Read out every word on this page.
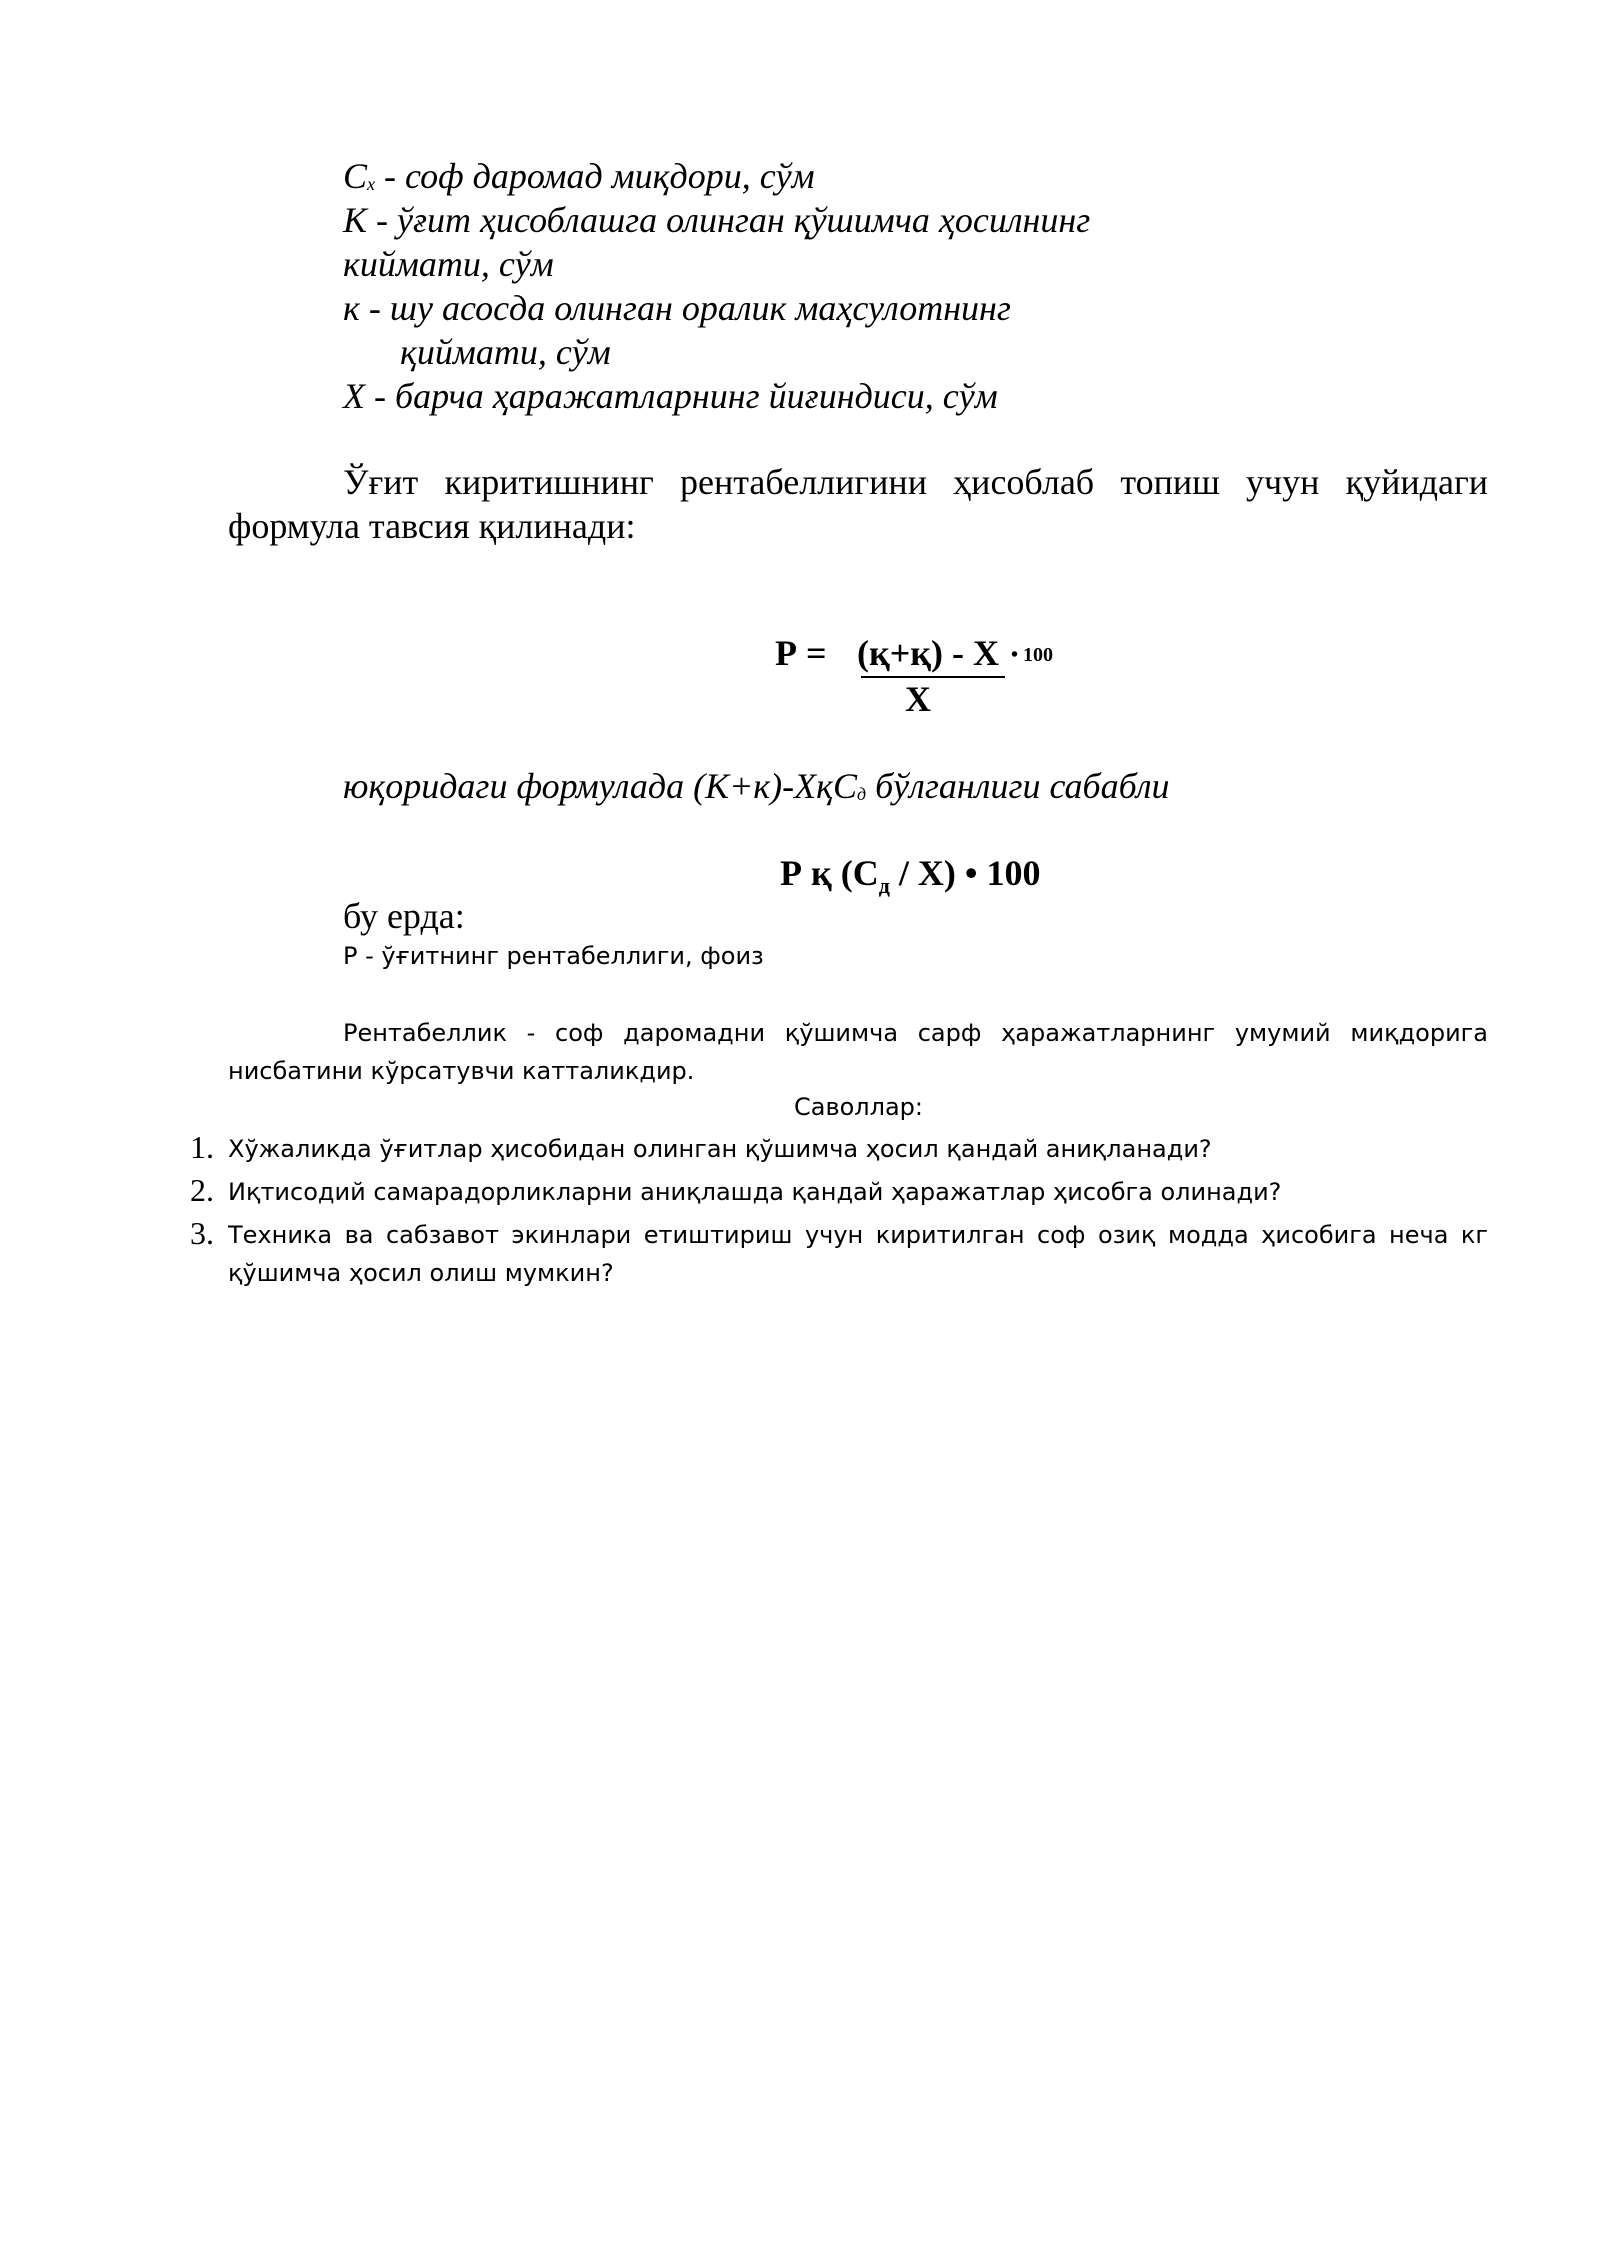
$C_x$ - соф даромад миқдори, сўм
K - ўғит ҳисоблашга олинган қўшимча ҳосилнинг
киймати, сўм
к - шу асосда олинган оралик маҳсулотнинг
қиймати, сўм
X - барча ҳаражатларнинг йиғиндиси, сўм
Ўғит киритишнинг рентабеллигини ҳисоблаб топиш учун қуйидаги формула тавсия қилинади:
Р = (қ+қ) - Х • 100
Х
юқоридаги формулада (К+к)-ХқС$_д$ бўлганлиги сабабли
Р қ $(С_д / Х)$ • 100
бу ерда:
Р - ўғитнинг рентабеллиги, фоиз
Рентабеллик - соф даромадни қўшимча сарф ҳаражатларнинг умумий миқдорига нисбатини кўрсатувчи катталикдир.
Саволлар:
1. Хўжаликда ўғитлар ҳисобидан олинган қўшимча ҳосил қандай аниқланади?
2. Иқтисодий самарадорликларни аниқлашда қандай ҳаражатлар ҳисобга олинади?
3. Техника ва сабзавот экинлари етиштириш учун киритилган соф озиқ модда ҳисобига неча кг қўшимча ҳосил олиш мумкин?
